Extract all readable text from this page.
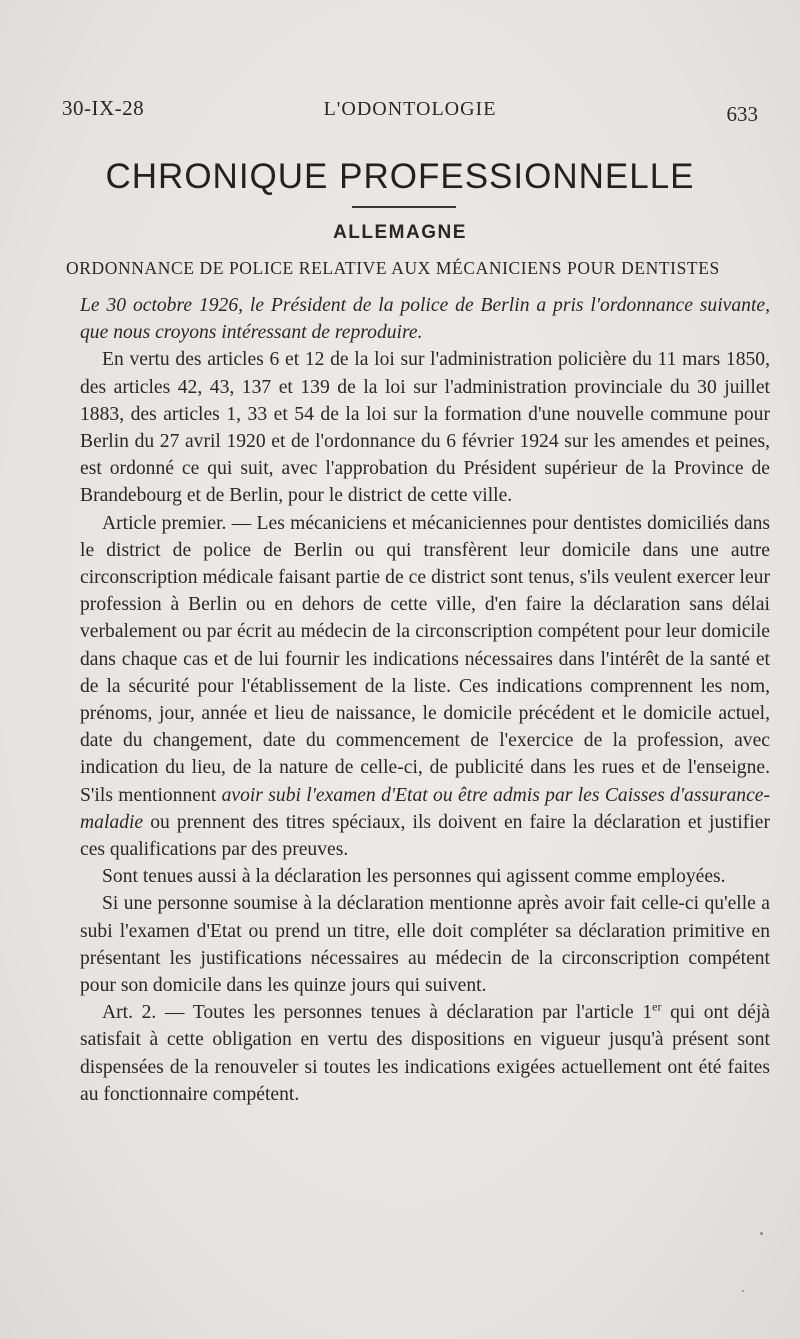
30-IX-28	L'ODONTOLOGIE	633
CHRONIQUE PROFESSIONNELLE
ALLEMAGNE
ORDONNANCE DE POLICE RELATIVE AUX MÉCANICIENS POUR DENTISTES

Le 30 octobre 1926, le Président de la police de Berlin a pris l'ordonnance suivante, que nous croyons intéressant de reproduire.

En vertu des articles 6 et 12 de la loi sur l'administration policière du 11 mars 1850, des articles 42, 43, 137 et 139 de la loi sur l'administration provinciale du 30 juillet 1883, des articles 1, 33 et 54 de la loi sur la formation d'une nouvelle commune pour Berlin du 27 avril 1920 et de l'ordonnance du 6 février 1924 sur les amendes et peines, est ordonné ce qui suit, avec l'approbation du Président supérieur de la Province de Brandebourg et de Berlin, pour le district de cette ville.

Article premier. — Les mécaniciens et mécaniciennes pour dentistes domiciliés dans le district de police de Berlin ou qui transfèrent leur domicile dans une autre circonscription médicale faisant partie de ce district sont tenus, s'ils veulent exercer leur profession à Berlin ou en dehors de cette ville, d'en faire la déclaration sans délai verbalement ou par écrit au médecin de la circonscription compétent pour leur domicile dans chaque cas et de lui fournir les indications nécessaires dans l'intérêt de la santé et de la sécurité pour l'établissement de la liste. Ces indications comprennent les nom, prénoms, jour, année et lieu de naissance, le domicile précédent et le domicile actuel, date du changement, date du commencement de l'exercice de la profession, avec indication du lieu, de la nature de celle-ci, de publicité dans les rues et de l'enseigne. S'ils mentionnent avoir subi l'examen d'Etat ou être admis par les Caisses d'assurance-maladie ou prennent des titres spéciaux, ils doivent en faire la déclaration et justifier ces qualifications par des preuves.

Sont tenues aussi à la déclaration les personnes qui agissent comme employées.

Si une personne soumise à la déclaration mentionne après avoir fait celle-ci qu'elle a subi l'examen d'Etat ou prend un titre, elle doit compléter sa déclaration primitive en présentant les justifications nécessaires au médecin de la circonscription compétent pour son domicile dans les quinze jours qui suivent.

Art. 2. — Toutes les personnes tenues à déclaration par l'article 1er qui ont déjà satisfait à cette obligation en vertu des dispositions en vigueur jusqu'à présent sont dispensées de la renouveler si toutes les indications exigées actuellement ont été faites au fonctionnaire compétent.
